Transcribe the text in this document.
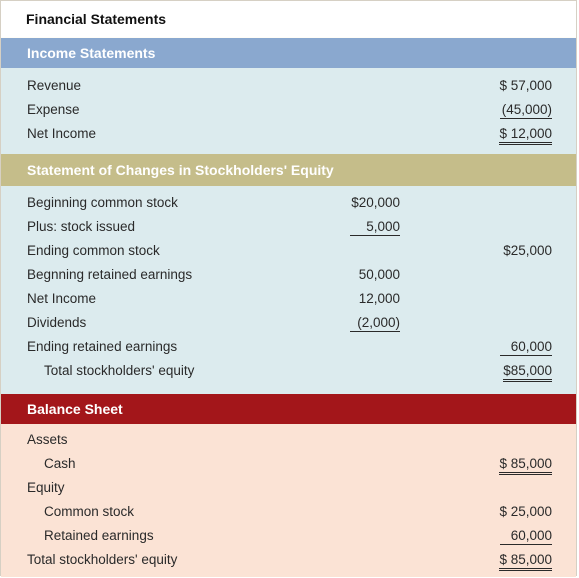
Financial Statements
Income Statements
Revenue	$ 57,000
Expense	(45,000)
Net Income	$ 12,000
Statement of Changes in Stockholders' Equity
Beginning common stock	$20,000
Plus: stock issued	5,000
Ending common stock	$25,000
Begnning retained earnings	50,000
Net Income	12,000
Dividends	(2,000)
Ending retained earnings	60,000
Total stockholders' equity	$85,000
Balance Sheet
Assets
Cash	$ 85,000
Equity
Common stock	$ 25,000
Retained earnings	60,000
Total stockholders' equity	$ 85,000
